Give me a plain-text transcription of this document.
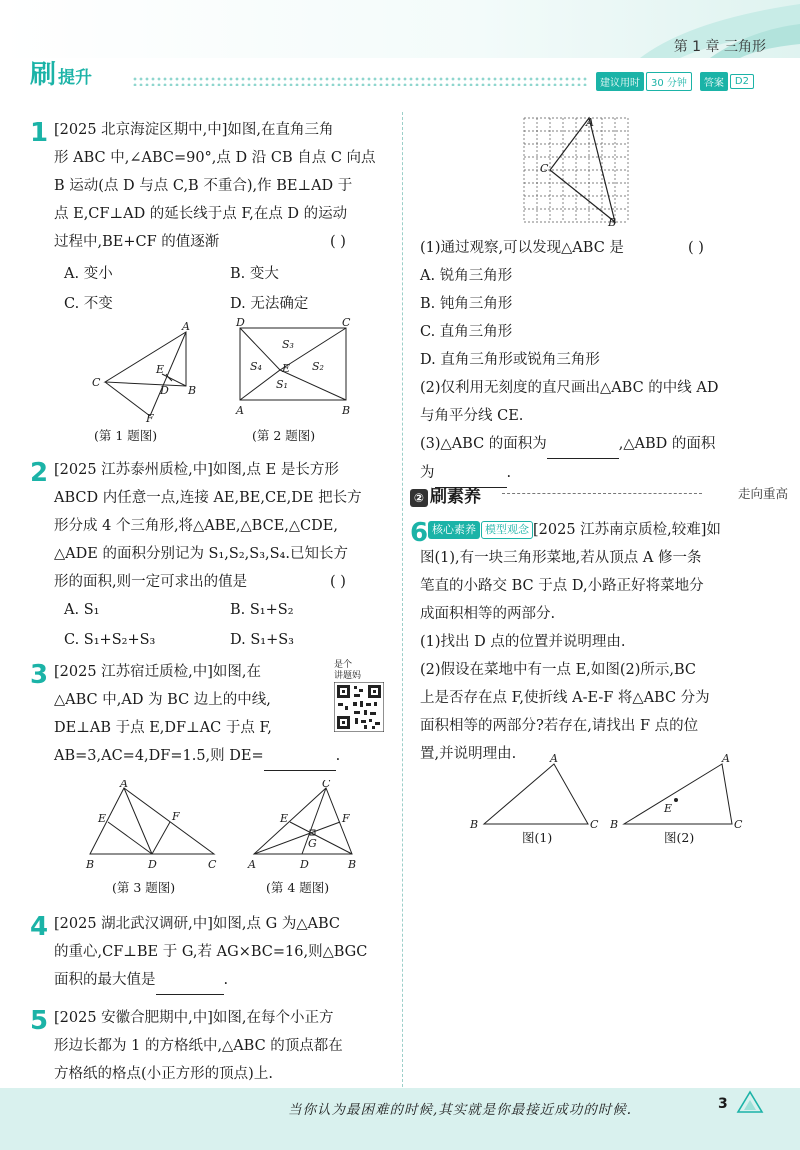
第 1 章 三角形
刷 提升	建议用时	30 分钟	答案	D2
1 [2025 北京海淀区期中,中]如图,在直角三角
形 ABC 中,∠ABC=90°,点 D 沿 CB 自点 C 向点
B 运动(点 D 与点 C,B 不重合),作 BE⊥AD 于
点 E,CF⊥AD 的延长线于点 F,在点 D 的运动
过程中,BE+CF 的值逐渐	( )
A. 变小	B. 变大
C. 不变	D. 无法确定
A
C
B
E
D
F
(第 1 题图)
D	C
A	B
E
S₃
S₄	S₂
S₁
(第 2 题图)
2 [2025 江苏泰州质检,中]如图,点 E 是长方形
ABCD 内任意一点,连接 AE,BE,CE,DE 把长方
形分成 4 个三角形,将△ABE,△BCE,△CDE,
△ADE 的面积分别记为 S₁,S₂,S₃,S₄.已知长方
形的面积,则一定可求出的值是	( )
A. S₁	B. S₁+S₂
C. S₁+S₂+S₃	D. S₁+S₃
3 [2025 江苏宿迁质检,中]如图,在
△ABC 中,AD 为 BC 边上的中线,
DE⊥AB 于点 E,DF⊥AC 于点 F,
AB=3,AC=4,DF=1.5,则 DE=	.
是个
讲题妈
A
E	F
B	D	C
(第 3 题图)
C
E	F
G
A	D	B
(第 4 题图)
4 [2025 湖北武汉调研,中]如图,点 G 为△ABC
的重心,CF⊥BE 于 G,若 AG×BC=16,则△BGC
面积的最大值是	.
5 [2025 安徽合肥期中,中]如图,在每个小正方
形边长都为 1 的方格纸中,△ABC 的顶点都在
方格纸的格点(小正方形的顶点)上.
A
C
B
(1)通过观察,可以发现△ABC 是	( )
A. 锐角三角形
B. 钝角三角形
C. 直角三角形
D. 直角三角形或锐角三角形
(2)仅利用无刻度的直尺画出△ABC 的中线 AD
与角平分线 CE.
(3)△ABC 的面积为	,△ABD 的面积
为	.
② 刷素养	走向重高
6 核心素养 模型观念 [2025 江苏南京质检,较难]如
图(1),有一块三角形菜地,若从顶点 A 修一条
笔直的小路交 BC 于点 D,小路正好将菜地分
成面积相等的两部分.
(1)找出 D 点的位置并说明理由.
(2)假设在菜地中有一点 E,如图(2)所示,BC
上是否存在点 F,使折线 A-E-F 将△ABC 分为
面积相等的两部分?若存在,请找出 F 点的位
置,并说明理由.	A
B	C
图(1)
A
B	C
E
图(2)
当你认为最困难的时候,其实就是你最接近成功的时候.	3
